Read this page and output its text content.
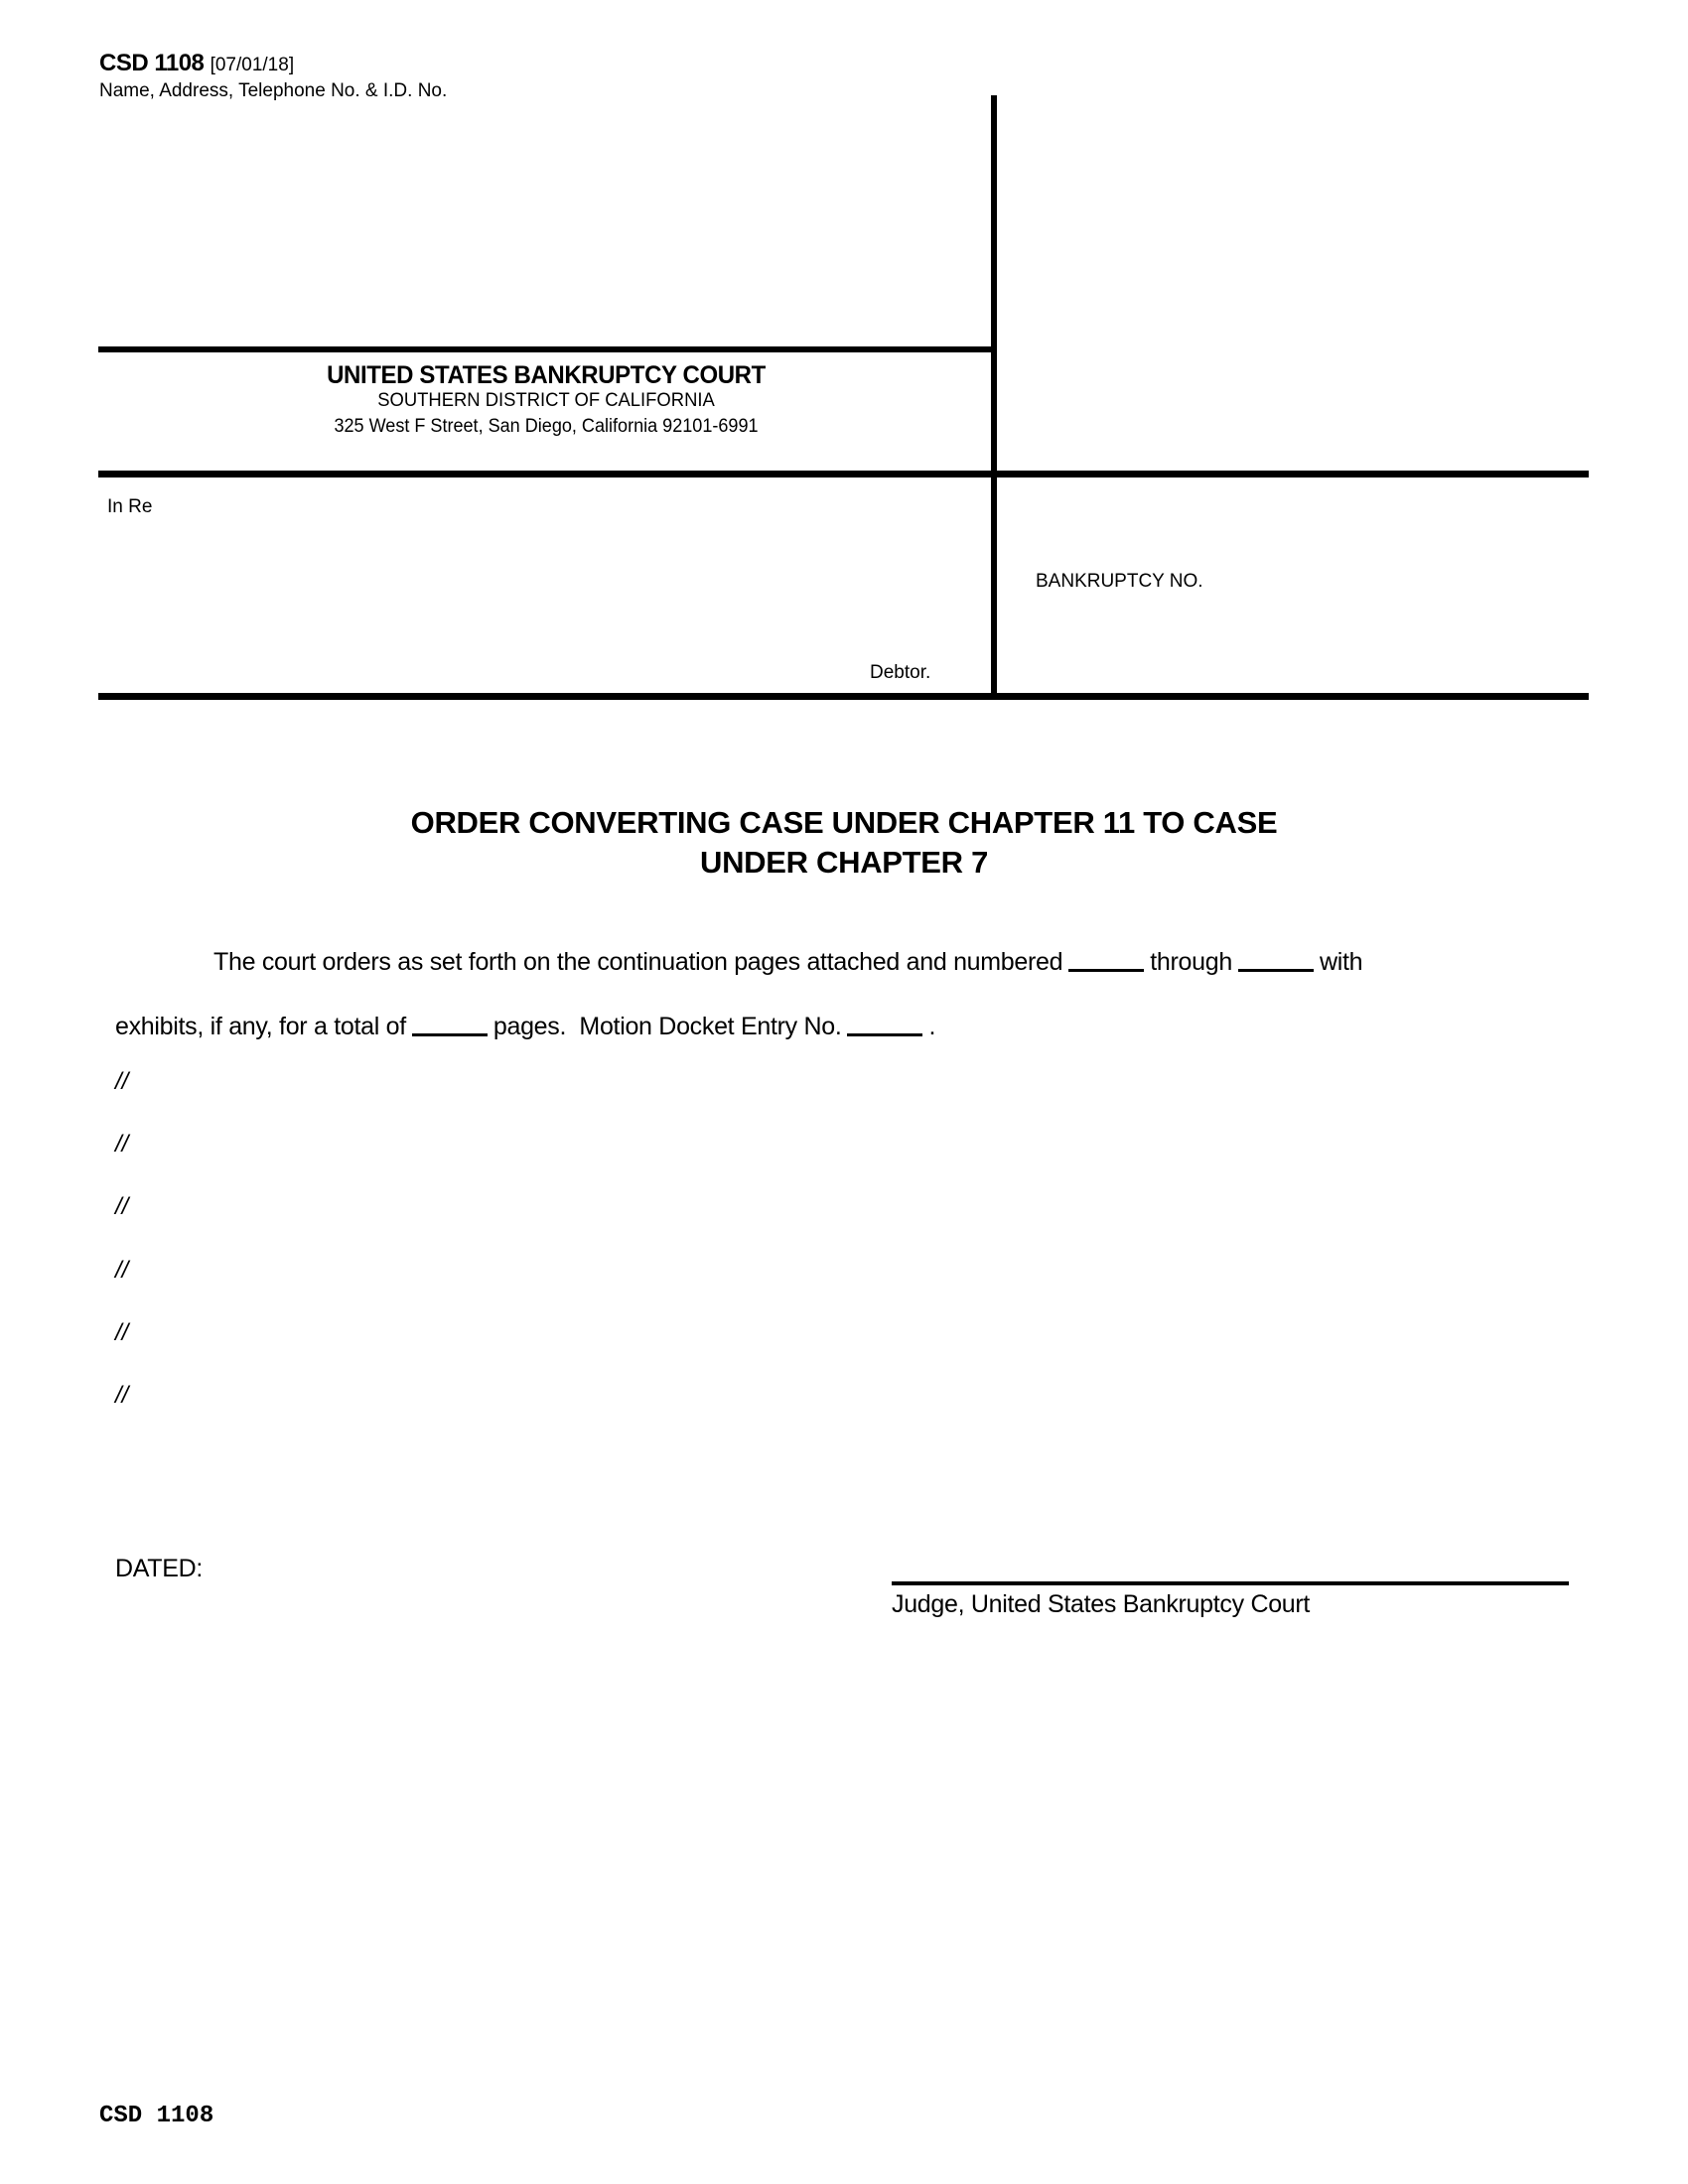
CSD 1108 [07/01/18]
Name, Address, Telephone No. & I.D. No.
UNITED STATES BANKRUPTCY COURT
SOUTHERN DISTRICT OF CALIFORNIA
325 West F Street, San Diego, California 92101-6991
In Re
Debtor.
BANKRUPTCY NO.
ORDER CONVERTING CASE UNDER CHAPTER 11 TO CASE
UNDER CHAPTER 7
The court orders as set forth on the continuation pages attached and numbered	through	with
exhibits, if any, for a total of	pages.  Motion Docket Entry No.	.
//
//
//
//
//
//
DATED:
Judge, United States Bankruptcy Court
CSD 1108
